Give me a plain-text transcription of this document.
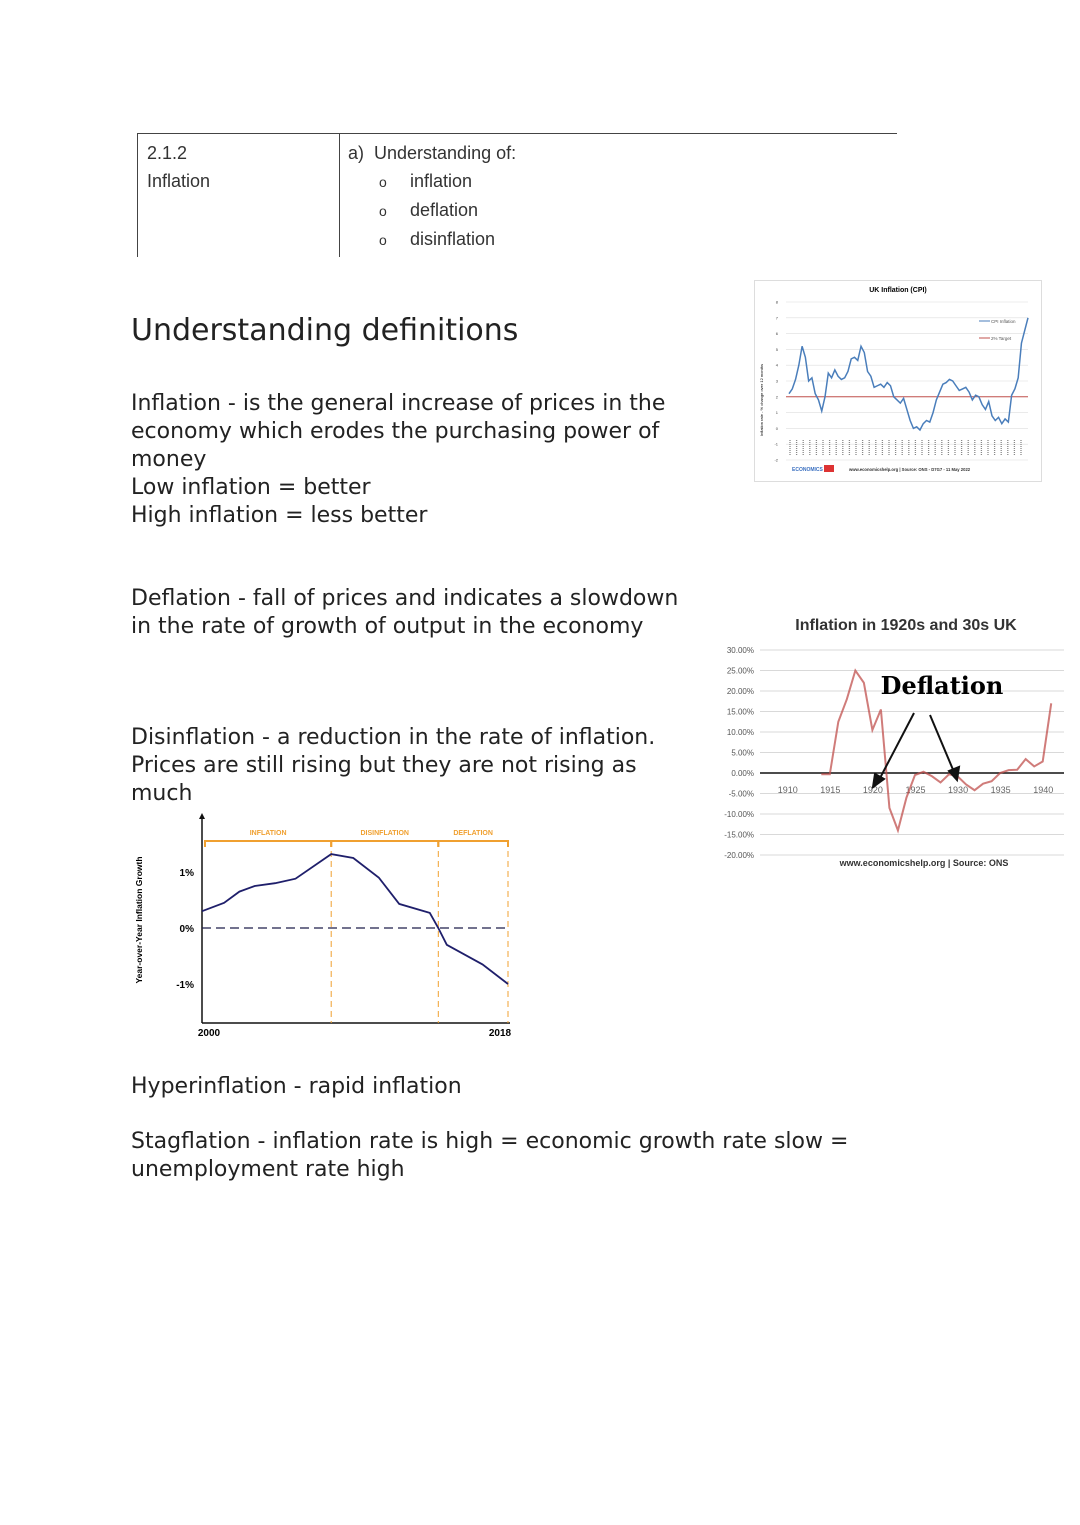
2.1.2
Inflation
a)  Understanding of:
o inflation
o deflation
o disinflation
Understanding definitions
Inflation - is the general increase of prices in the
economy which erodes the purchasing power of
money
Low inflation = better
High inflation = less better
Deflation - fall of prices and indicates a slowdown
in the rate of growth of output in the economy
Disinflation - a reduction in the rate of inflation.
Prices are still rising but they are not rising as
much
Hyperinflation - rapid inflation
Stagflation - inflation rate is high = economic growth rate slow =
unemployment rate high
UK Inflation (CPI)
Inflation rate - % change over 12 months
-2
-1
0
1
2
3
4
5
6
7
8
CPI Inflation
2% Target
ECONOMICS	www.economicshelp.org | Source: ONS - D7G7 - 11 May 2022
Inflation in 1920s and 30s UK
30.00%
25.00%
20.00%
15.00%
10.00%
5.00%
0.00%
-5.00%
-10.00%
-15.00%
-20.00%
1910	1915	1920	1925	1930	1935	1940
Deflation
www.economicshelp.org | Source: ONS
Year-over-Year Inflation Growth	1%
0%
-1%
2000	2018
INFLATION	DISINFLATION	DEFLATION
